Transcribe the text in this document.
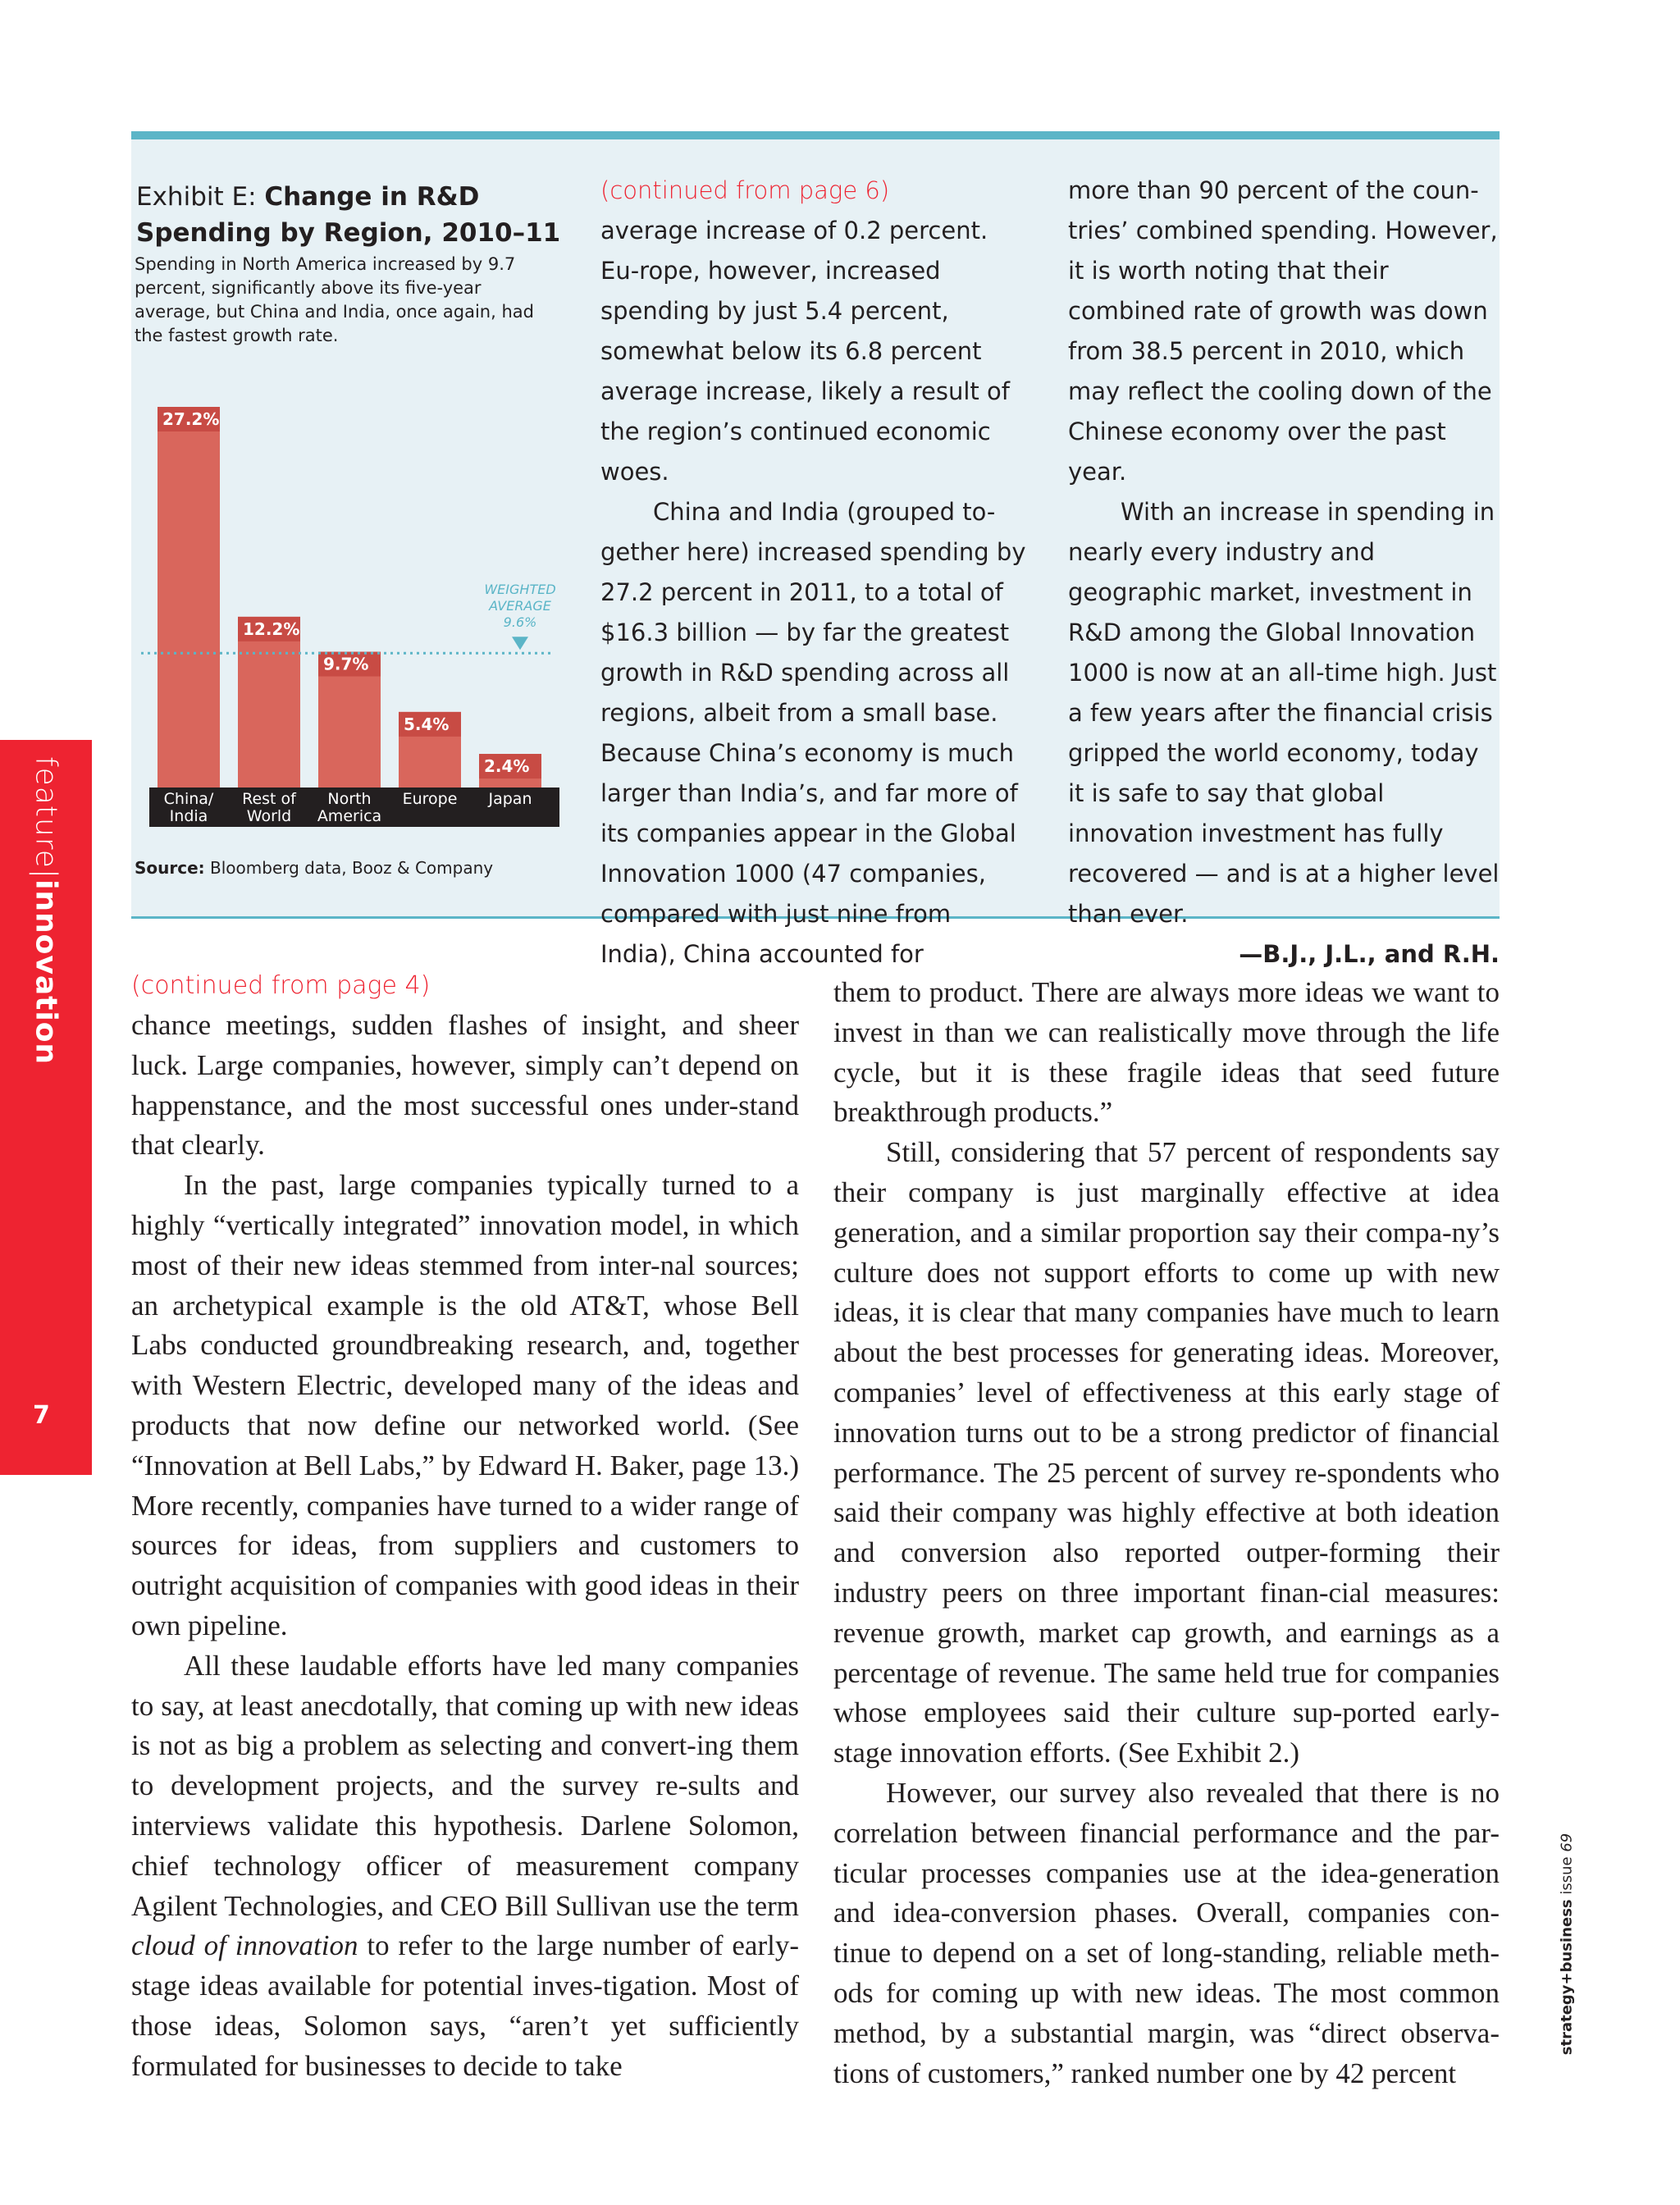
feature|innovation
7
Exhibit E: Change in R&D Spending by Region, 2010–11
Spending in North America increased by 9.7 percent, significantly above its five-year average, but China and India, once again, had the fastest growth rate.
27.2%
China/
India
12.2%
Rest of
World
9.7%
North
America
5.4%
Europe
2.4%
Japan
WEIGHTED
AVERAGE
9.6%
Source: Bloomberg data, Booz & Company

(continued from page 6)

average increase of 0.2 percent. Eu-rope, however, increased spending by just 5.4 percent, somewhat below its 6.8 percent average increase, likely a result of the region’s continued economic woes.

China and India (grouped to-gether here) increased spending by 27.2 percent in 2011, to a total of $16.3 billion — by far the greatest growth in R&D spending across all regions, albeit from a small base. Because China’s economy is much larger than India’s, and far more of its companies appear in the Global Innovation 1000 (47 companies, compared with just nine from India), China accounted for

more than 90 percent of the coun-tries’ combined spending. However, it is worth noting that their combined rate of growth was down from 38.5 percent in 2010, which may reflect the cooling down of the Chinese economy over the past year.

With an increase in spending in nearly every industry and geographic market, investment in R&D among the Global Innovation 1000 is now at an all-time high. Just a few years after the financial crisis gripped the world economy, today it is safe to say that global innovation investment has fully recovered — and is at a higher level than ever.

—B.J., J.L., and R.H.

(continued from page 4)

chance meetings, sudden flashes of insight, and sheer luck. Large companies, however, simply can’t depend on happenstance, and the most successful ones under-stand that clearly.

In the past, large companies typically turned to a highly “vertically integrated” innovation model, in which most of their new ideas stemmed from inter-nal sources; an archetypical example is the old AT&T, whose Bell Labs conducted groundbreaking research, and, together with Western Electric, developed many of the ideas and products that now define our networked world. (See “Innovation at Bell Labs,” by Edward H. Baker, page 13.) More recently, companies have turned to a wider range of sources for ideas, from suppliers and customers to outright acquisition of companies with good ideas in their own pipeline.

All these laudable efforts have led many companies to say, at least anecdotally, that coming up with new ideas is not as big a problem as selecting and convert-ing them to development projects, and the survey re-sults and interviews validate this hypothesis. Darlene Solomon, chief technology officer of measurement company Agilent Technologies, and CEO Bill Sullivan use the term cloud of innovation to refer to the large number of early-stage ideas available for potential inves-tigation. Most of those ideas, Solomon says, “aren’t yet sufficiently formulated for businesses to decide to take

them to product. There are always more ideas we want to invest in than we can realistically move through the life cycle, but it is these fragile ideas that seed future breakthrough products.”

Still, considering that 57 percent of respondents say their company is just marginally effective at idea generation, and a similar proportion say their compa-ny’s culture does not support efforts to come up with new ideas, it is clear that many companies have much to learn about the best processes for generating ideas. Moreover, companies’ level of effectiveness at this early stage of innovation turns out to be a strong predictor of financial performance. The 25 percent of survey re-spondents who said their company was highly effective at both ideation and conversion also reported outper-forming their industry peers on three important finan-cial measures: revenue growth, market cap growth, and earnings as a percentage of revenue. The same held true for companies whose employees said their culture sup-ported early-stage innovation efforts. (See Exhibit 2.)

However, our survey also revealed that there is no correlation between financial performance and the par-ticular processes companies use at the idea-generation and idea-conversion phases. Overall, companies con-tinue to depend on a set of long-standing, reliable meth-ods for coming up with new ideas. The most common method, by a substantial margin, was “direct observa-tions of customers,” ranked number one by 42 percent

strategy+business issue 69
